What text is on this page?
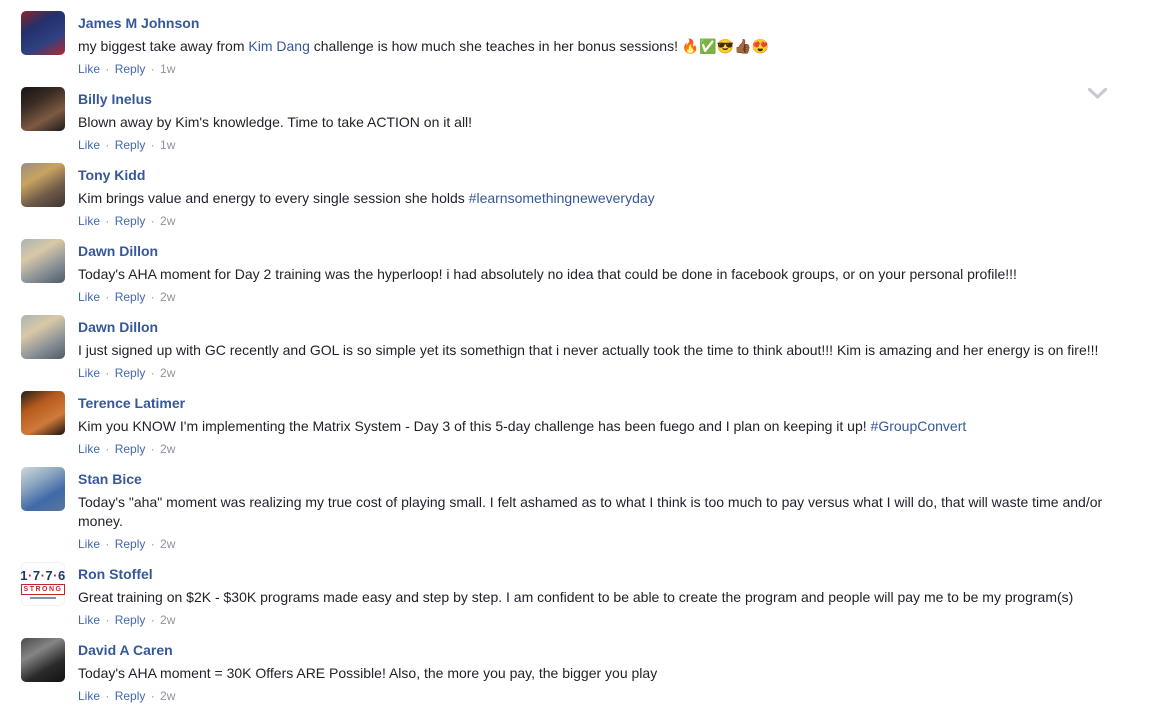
James M Johnson
my biggest take away from Kim Dang challenge is how much she teaches in her bonus sessions! 🔥✅😎👍🏾😍
Like · Reply · 1w
Billy Inelus
Blown away by Kim's knowledge. Time to take ACTION on it all!
Like · Reply · 1w
Tony Kidd
Kim brings value and energy to every single session she holds #learnsomethingneweveryday
Like · Reply · 2w
Dawn Dillon
Today's AHA moment for Day 2 training was the hyperloop! i had absolutely no idea that could be done in facebook groups, or on your personal profile!!!
Like · Reply · 2w
Dawn Dillon
I just signed up with GC recently and GOL is so simple yet its somethign that i never actually took the time to think about!!! Kim is amazing and her energy is on fire!!!
Like · Reply · 2w
Terence Latimer
Kim you KNOW I'm implementing the Matrix System - Day 3 of this 5-day challenge has been fuego and I plan on keeping it up! #GroupConvert
Like · Reply · 2w
Stan Bice
Today's "aha" moment was realizing my true cost of playing small. I felt ashamed as to what I think is too much to pay versus what I will do, that will waste time and/or money.
Like · Reply · 2w
1·7·7·6
STRONG
Ron Stoffel
Great training on $2K - $30K programs made easy and step by step. I am confident to be able to create the program and people will pay me to be my program(s)
Like · Reply · 2w
David A Caren
Today's AHA moment = 30K Offers ARE Possible! Also, the more you pay, the bigger you play
Like · Reply · 2w
